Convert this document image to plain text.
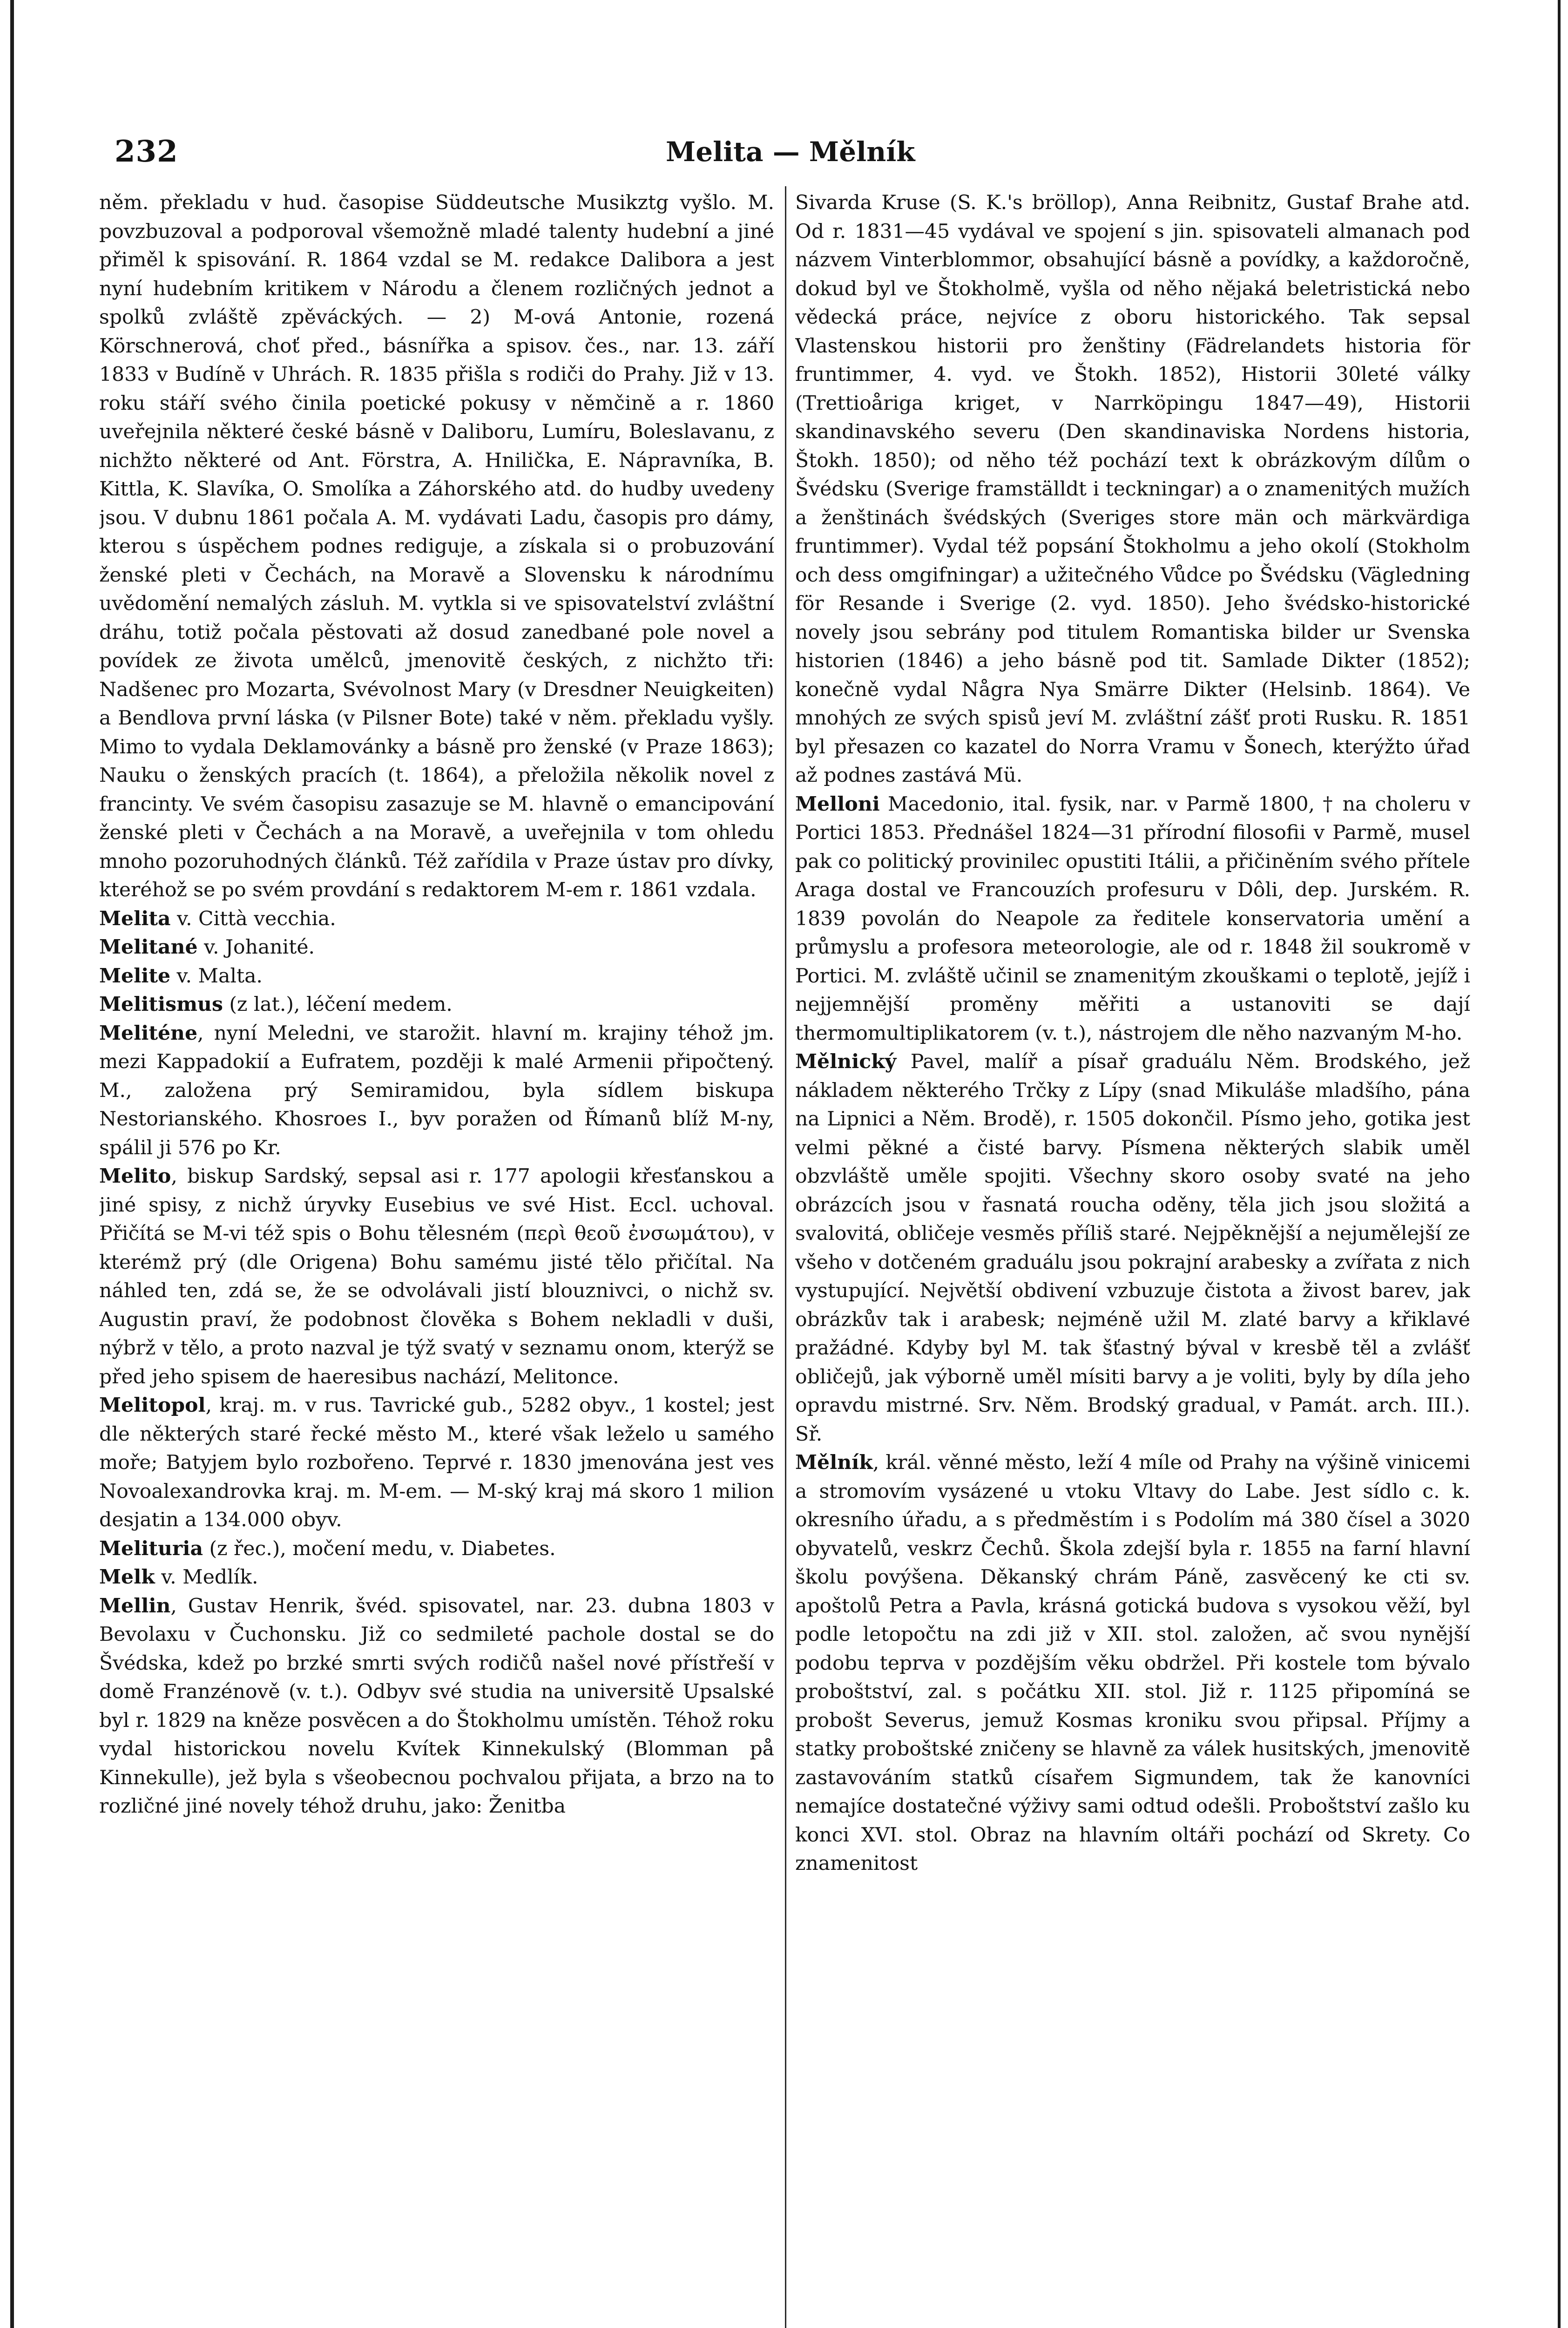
232	Melita — Mělník

něm. překladu v hud. časopise Süddeutsche Musikztg vyšlo. M. povzbuzoval a podporoval všemožně mladé talenty hudební a jiné přiměl k spisování. R. 1864 vzdal se M. redakce Dalibora a jest nyní hudebním kritikem v Národu a členem rozličných jednot a spolků zvláště zpěváckých. — 2) M-ová Antonie, rozená Körschnerová, choť před., básnířka a spisov. čes., nar. 13. září 1833 v Budíně v Uhrách. R. 1835 přišla s rodiči do Prahy. Již v 13. roku stáří svého činila poetické pokusy v němčině a r. 1860 uveřejnila některé české básně v Daliboru, Lumíru, Boleslavanu, z nichžto některé od Ant. Förstra, A. Hnilička, E. Nápravníka, B. Kittla, K. Slavíka, O. Smolíka a Záhorského atd. do hudby uvedeny jsou. V dubnu 1861 počala A. M. vydávati Ladu, časopis pro dámy, kterou s úspěchem podnes rediguje, a získala si o probuzování ženské pleti v Čechách, na Moravě a Slovensku k národnímu uvědomění nemalých zásluh. M. vytkla si ve spisovatelství zvláštní dráhu, totiž počala pěstovati až dosud zanedbané pole novel a povídek ze života umělců, jmenovitě českých, z nichžto tři: Nadšenec pro Mozarta, Svévolnost Mary (v Dresdner Neuigkeiten) a Bendlova první láska (v Pilsner Bote) také v něm. překladu vyšly. Mimo to vydala Deklamovánky a básně pro ženské (v Praze 1863); Nauku o ženských pracích (t. 1864), a přeložila několik novel z francinty. Ve svém časopisu zasazuje se M. hlavně o emancipování ženské pleti v Čechách a na Moravě, a uveřejnila v tom ohledu mnoho pozoruhodných článků. Též zařídila v Praze ústav pro dívky, kteréhož se po svém provdání s redaktorem M-em r. 1861 vzdala.

Melita v. Città vecchia.

Melitané v. Johanité.

Melite v. Malta.

Melitismus (z lat.), léčení medem.

Meliténe, nyní Meledni, ve starožit. hlavní m. krajiny téhož jm. mezi Kappadokií a Eufratem, později k malé Armenii připočtený. M., založena prý Semiramidou, byla sídlem biskupa Nestorianského. Khosroes I., byv poražen od Římanů blíž M-ny, spálil ji 576 po Kr.

Melito, biskup Sardský, sepsal asi r. 177 apologii křesťanskou a jiné spisy, z nichž úryvky Eusebius ve své Hist. Eccl. uchoval. Přičítá se M-vi též spis o Bohu tělesném (περὶ θεοῦ ἐνσωμάτου), v kterémž prý (dle Origena) Bohu samému jisté tělo přičítal. Na náhled ten, zdá se, že se odvolávali jistí blouznivci, o nichž sv. Augustin praví, že podobnost člověka s Bohem nekladli v duši, nýbrž v tělo, a proto nazval je týž svatý v seznamu onom, kterýž se před jeho spisem de haeresibus nachází, Melitonce.

Melitopol, kraj. m. v rus. Tavrické gub., 5282 obyv., 1 kostel; jest dle některých staré řecké město M., které však leželo u samého moře; Batyjem bylo rozbořeno. Teprvé r. 1830 jmenována jest ves Novoalexandrovka kraj. m. M-em. — M-ský kraj má skoro 1 milion desjatin a 134.000 obyv.

Melituria (z řec.), močení medu, v. Diabetes.

Melk v. Medlík.

Mellin, Gustav Henrik, švéd. spisovatel, nar. 23. dubna 1803 v Bevolaxu v Čuchonsku. Již co sedmileté pachole dostal se do Švédska, kdež po brzké smrti svých rodičů našel nové přístřeší v domě Franzénově (v. t.). Odbyv své studia na universitě Upsalské byl r. 1829 na kněze posvěcen a do Štokholmu umístěn. Téhož roku vydal historickou novelu Kvítek Kinnekulský (Blomman på Kinnekulle), jež byla s všeobecnou pochvalou přijata, a brzo na to rozličné jiné novely téhož druhu, jako: Ženitba

Sivarda Kruse (S. K.'s bröllop), Anna Reibnitz, Gustaf Brahe atd. Od r. 1831—45 vydával ve spojení s jin. spisovateli almanach pod názvem Vinterblommor, obsahující básně a povídky, a každoročně, dokud byl ve Štokholmě, vyšla od něho nějaká beletristická nebo vědecká práce, nejvíce z oboru historického. Tak sepsal Vlastenskou historii pro ženštiny (Fädrelandets historia för fruntimmer, 4. vyd. ve Štokh. 1852), Historii 30leté války (Trettioåriga kriget, v Narrköpingu 1847—49), Historii skandinavského severu (Den skandinaviska Nordens historia, Štokh. 1850); od něho též pochází text k obrázkovým dílům o Švédsku (Sverige framställdt i teckningar) a o znamenitých mužích a ženštinách švédských (Sveriges store män och märkvärdiga fruntimmer). Vydal též popsání Štokholmu a jeho okolí (Stokholm och dess omgifningar) a užitečného Vůdce po Švédsku (Vägledning för Resande i Sverige (2. vyd. 1850). Jeho švédsko-historické novely jsou sebrány pod titulem Romantiska bilder ur Svenska historien (1846) a jeho básně pod tit. Samlade Dikter (1852); konečně vydal Några Nya Smärre Dikter (Helsinb. 1864). Ve mnohých ze svých spisů jeví M. zvláštní zášť proti Rusku. R. 1851 byl přesazen co kazatel do Norra Vramu v Šonech, kterýžto úřad až podnes zastává Mü.

Melloni Macedonio, ital. fysik, nar. v Parmě 1800, † na choleru v Portici 1853. Přednášel 1824—31 přírodní filosofii v Parmě, musel pak co politický provinilec opustiti Itálii, a přičiněním svého přítele Araga dostal ve Francouzích profesuru v Dôli, dep. Jurském. R. 1839 povolán do Neapole za ředitele konservatoria umění a průmyslu a profesora meteorologie, ale od r. 1848 žil soukromě v Portici. M. zvláště učinil se znamenitým zkouškami o teplotě, jejíž i nejjemnější proměny měřiti a ustanoviti se dají thermomultiplikatorem (v. t.), nástrojem dle něho nazvaným M-ho.

Mělnický Pavel, malíř a písař graduálu Něm. Brodského, jež nákladem některého Trčky z Lípy (snad Mikuláše mladšího, pána na Lipnici a Něm. Brodě), r. 1505 dokončil. Písmo jeho, gotika jest velmi pěkné a čisté barvy. Písmena některých slabik uměl obzvláště uměle spojiti. Všechny skoro osoby svaté na jeho obrázcích jsou v řasnatá roucha oděny, těla jich jsou složitá a svalovitá, obličeje vesměs příliš staré. Nejpěknější a nejumělejší ze všeho v dotčeném graduálu jsou pokrajní arabesky a zvířata z nich vystupující. Největší obdivení vzbuzuje čistota a živost barev, jak obrázkův tak i arabesk; nejméně užil M. zlaté barvy a křiklavé pražádné. Kdyby byl M. tak šťastný býval v kresbě těl a zvlášť obličejů, jak výborně uměl mísiti barvy a je voliti, byly by díla jeho opravdu mistrné. Srv. Něm. Brodský gradual, v Památ. arch. III.). Sř.

Mělník, král. věnné město, leží 4 míle od Prahy na výšině vinicemi a stromovím vysázené u vtoku Vltavy do Labe. Jest sídlo c. k. okresního úřadu, a s předměstím i s Podolím má 380 čísel a 3020 obyvatelů, veskrz Čechů. Škola zdejší byla r. 1855 na farní hlavní školu povýšena. Děkanský chrám Páně, zasvěcený ke cti sv. apoštolů Petra a Pavla, krásná gotická budova s vysokou věží, byl podle letopočtu na zdi již v XII. stol. založen, ač svou nynější podobu teprva v pozdějším věku obdržel. Při kostele tom bývalo proboštství, zal. s počátku XII. stol. Již r. 1125 připomíná se probošt Severus, jemuž Kosmas kroniku svou připsal. Příjmy a statky proboštské zničeny se hlavně za válek husitských, jmenovitě zastavováním statků císařem Sigmundem, tak že kanovníci nemajíce dostatečné výživy sami odtud odešli. Proboštství zašlo ku konci XVI. stol. Obraz na hlavním oltáři pochází od Skrety. Co znamenitost
